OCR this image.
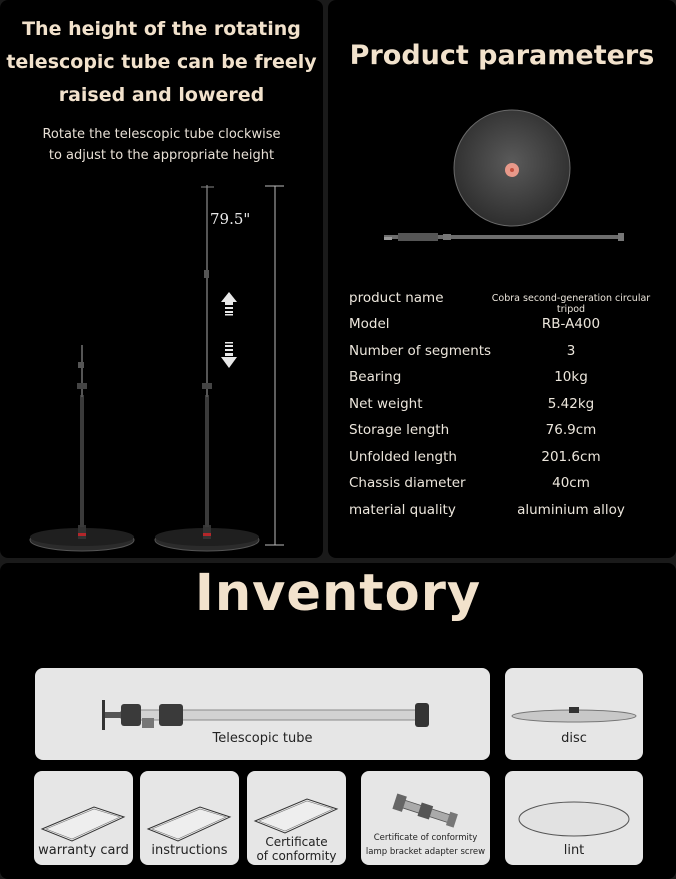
The height of the rotating
telescopic tube can be freely
raised and lowered
Rotate the telescopic tube clockwise
to adjust to the appropriate height
79.5"
Product parameters
product name	Cobra second-generation circular tripod
Model	RB-A400
Number of segments	3
Bearing	10kg
Net weight	5.42kg
Storage length	76.9cm
Unfolded length	201.6cm
Chassis diameter	40cm
material quality	aluminium alloy
Inventory
Telescopic tube	disc
warranty card	instructions
Certificate
of conformity
Certificate of conformity
lamp bracket adapter screw	lint
